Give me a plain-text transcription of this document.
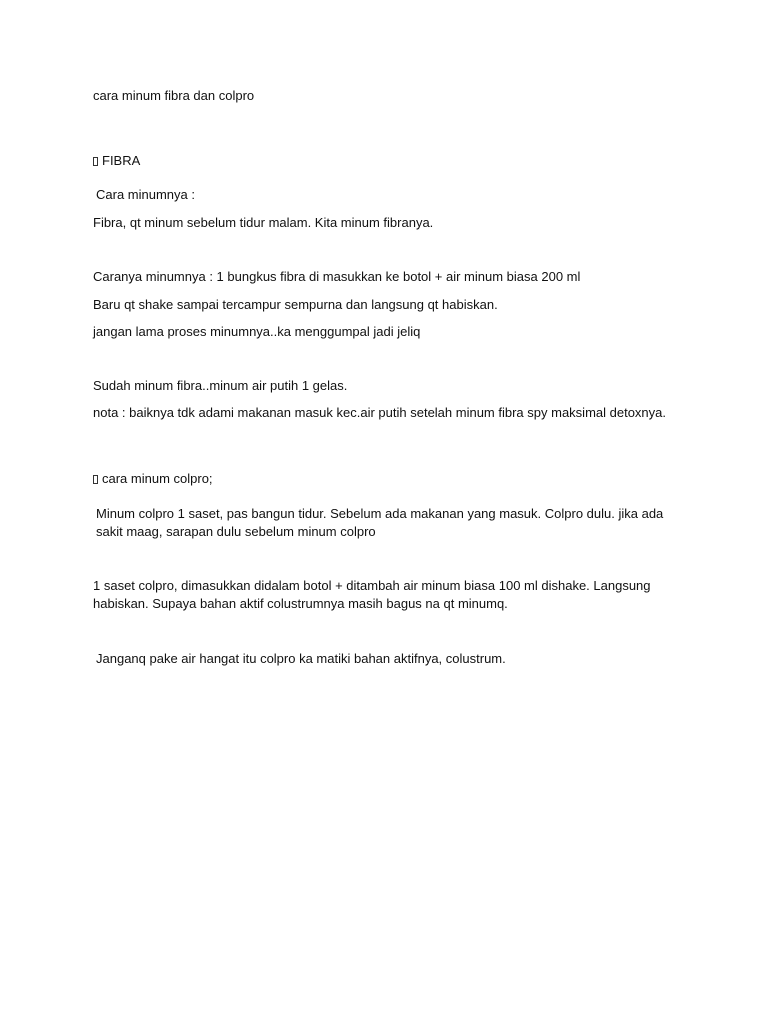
cara minum fibra dan colpro
FIBRA
Cara minumnya :
Fibra, qt minum sebelum tidur malam. Kita minum fibranya.
Caranya minumnya : 1 bungkus fibra di masukkan ke botol + air minum biasa 200 ml
Baru qt shake sampai tercampur sempurna dan langsung qt habiskan.
jangan lama proses minumnya..ka menggumpal jadi jeliq
Sudah minum fibra..minum air putih 1 gelas.
nota : baiknya tdk adami makanan masuk kec.air putih setelah minum fibra spy maksimal detoxnya.
cara minum colpro;
Minum colpro 1 saset, pas bangun tidur. Sebelum ada makanan yang masuk. Colpro dulu. jika ada sakit maag, sarapan dulu sebelum minum colpro
1 saset colpro, dimasukkan didalam botol + ditambah air minum biasa 100 ml dishake. Langsung habiskan. Supaya bahan aktif colustrumnya masih bagus na qt minumq.
Janganq pake air hangat itu colpro ka matiki bahan aktifnya, colustrum.
